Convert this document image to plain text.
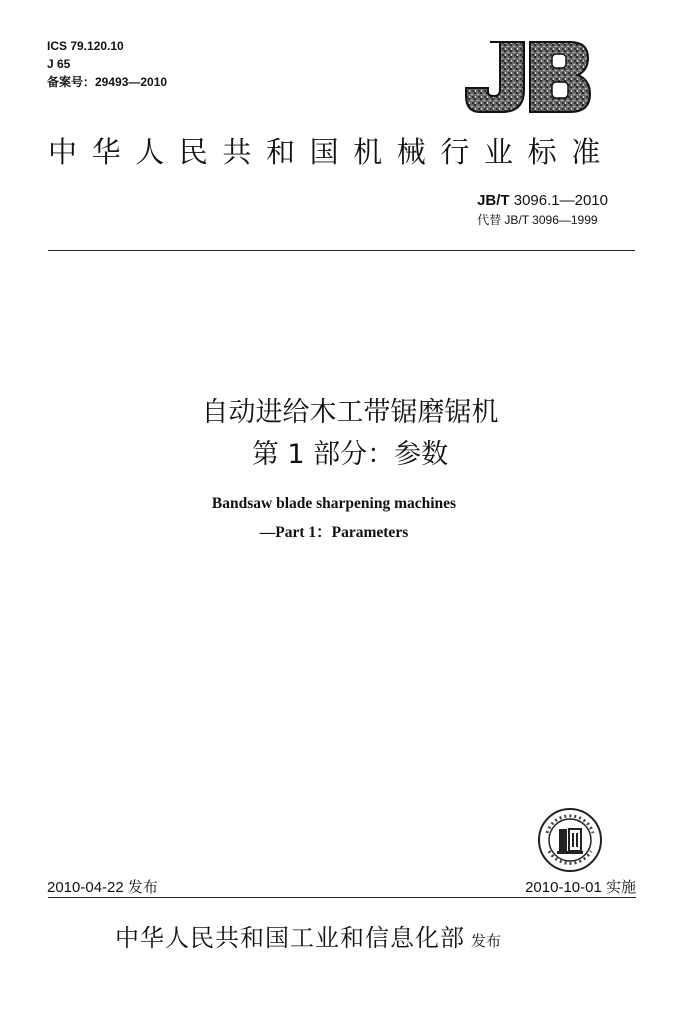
ICS 79.120.10
J 65
备案号：29493—2010
JB
中华人民共和国机械行业标准
JB/T 3096.1—2010
代替 JB/T 3096—1999
自动进给木工带锯磨锯机
第 1 部分：参数
Bandsaw blade sharpening machines
—Part 1：Parameters
2010-04-22 发布	2010-10-01 实施
中华人民共和国工业和信息化部 发布
